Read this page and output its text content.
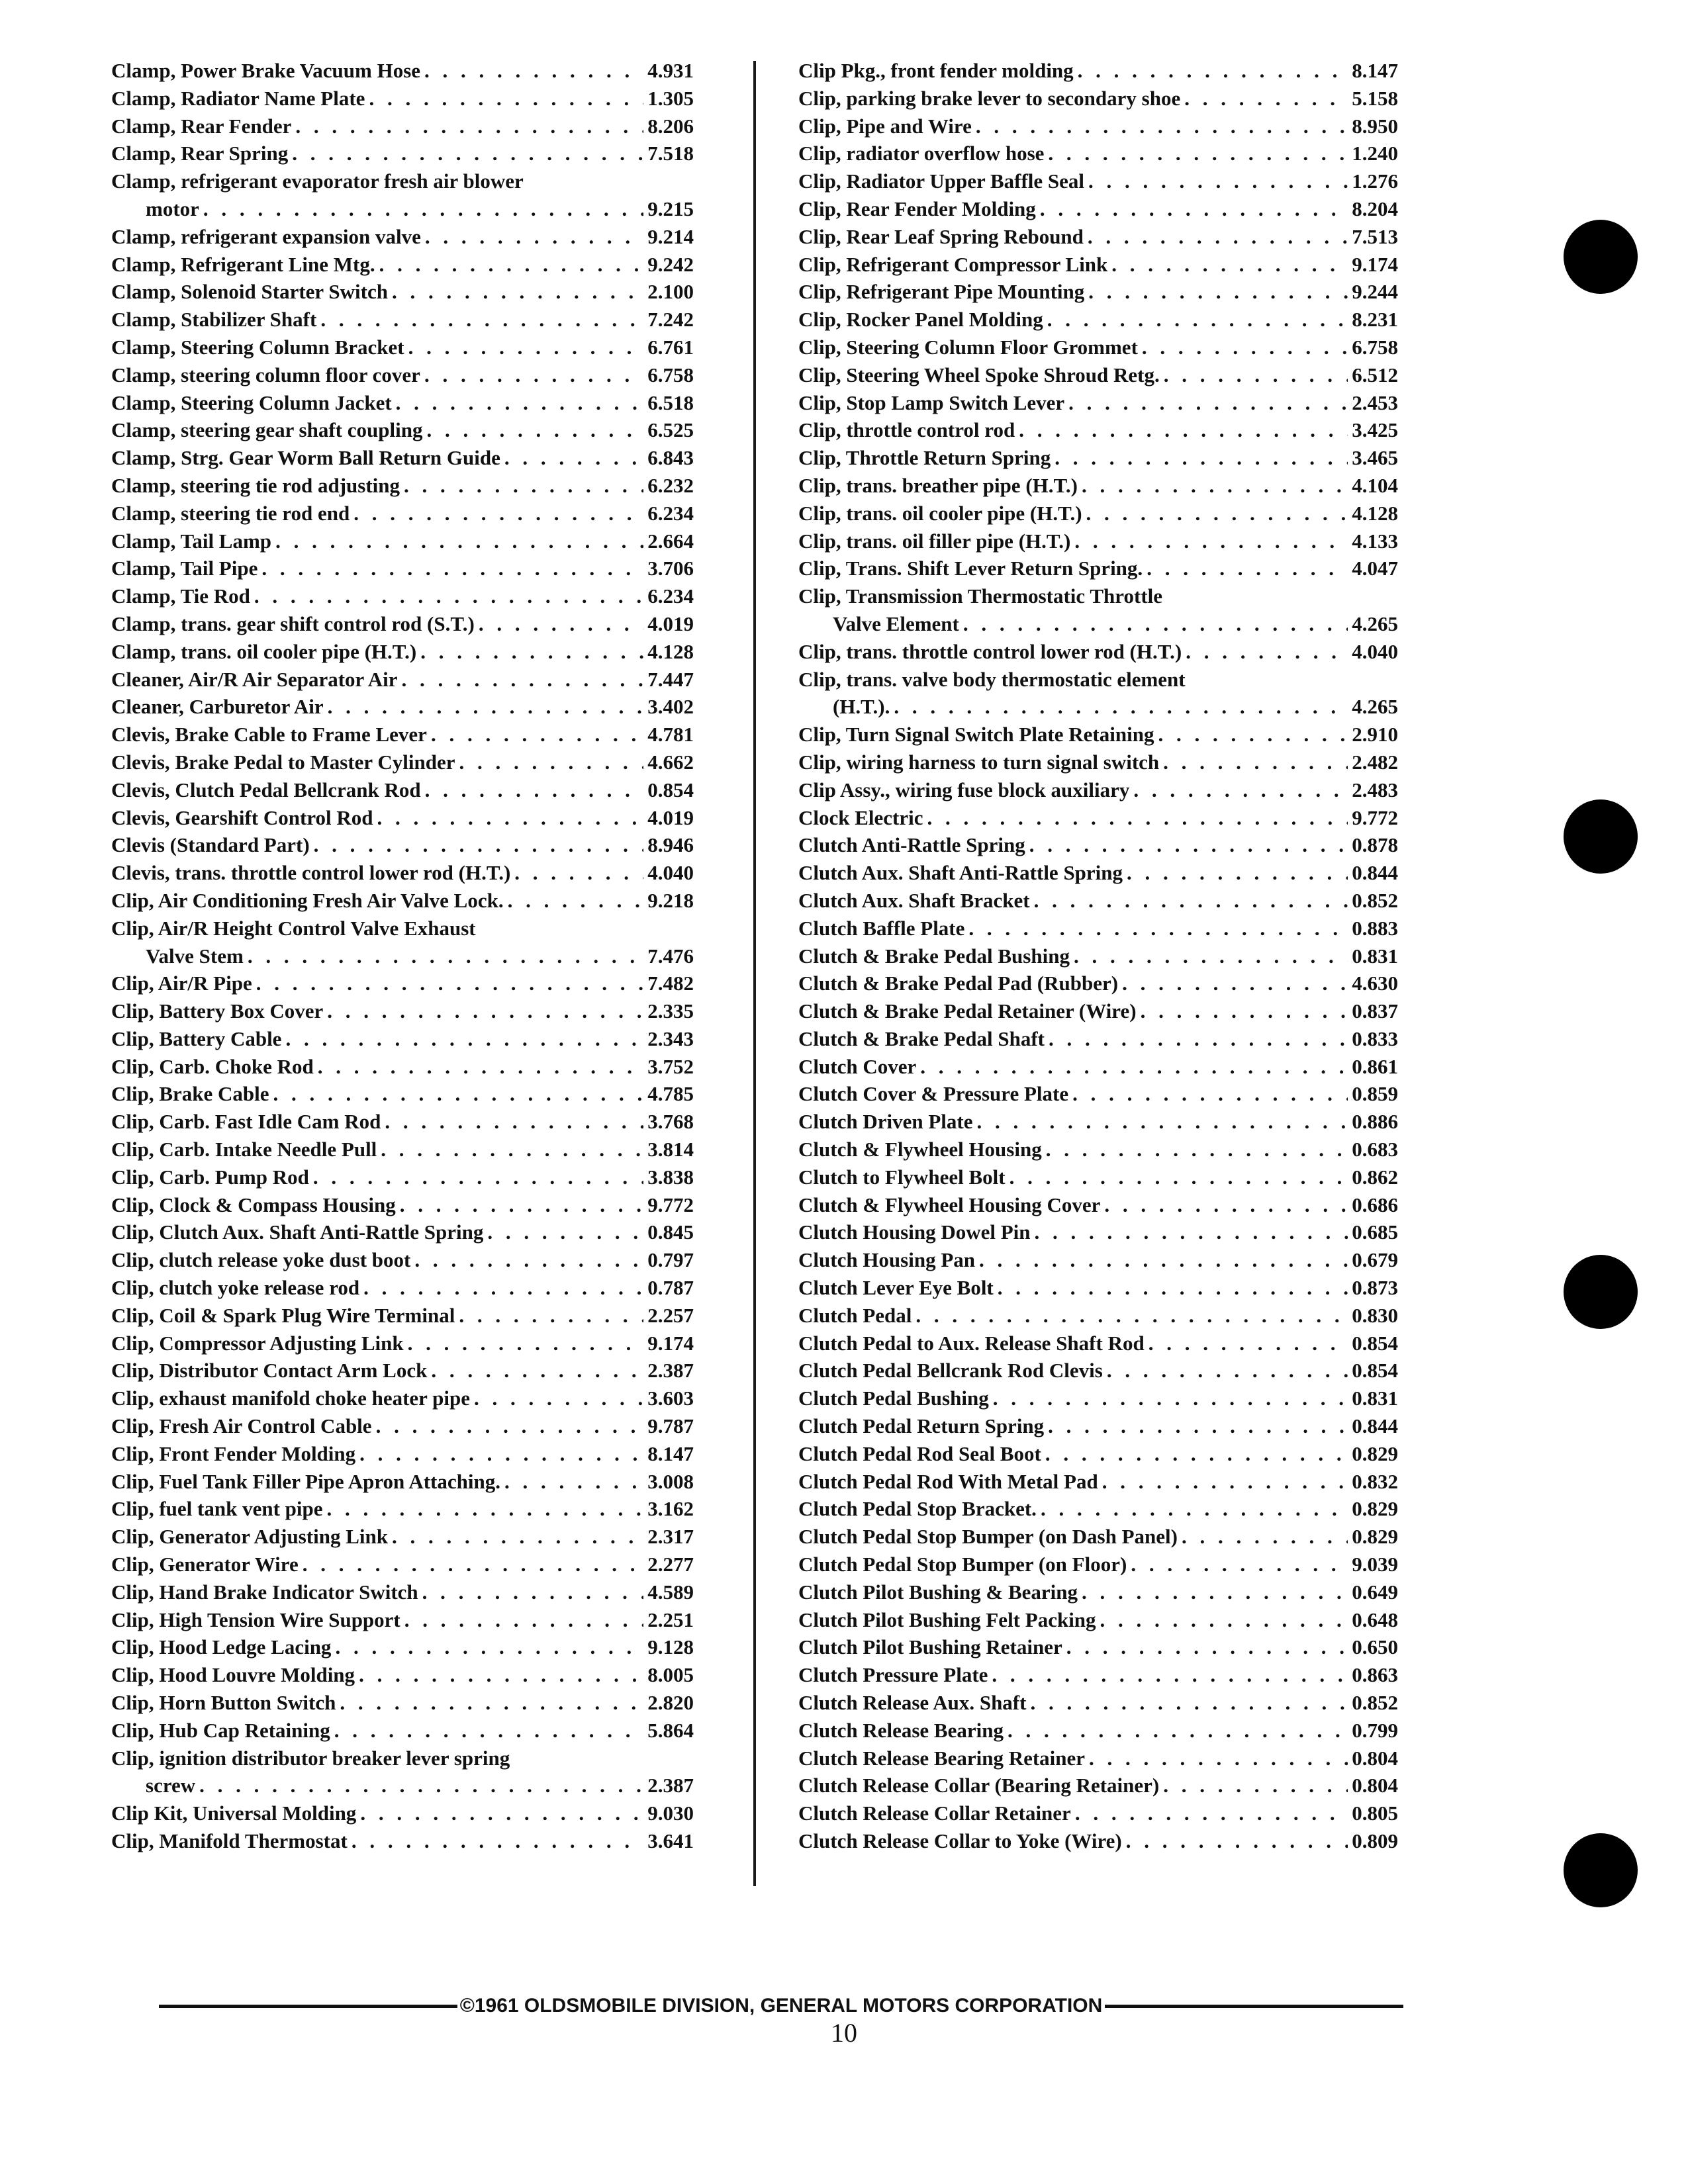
Clamp, Power Brake Vacuum Hose . . .	4.931
Clamp, Radiator Name Plate . . .	1.305
Clamp, Rear Fender . . .	8.206
Clamp, Rear Spring . . .	7.518
Clamp, refrigerant evaporator fresh air blower
motor . . .	9.215
Clamp, refrigerant expansion valve . . .	9.214
Clamp, Refrigerant Line Mtg. . . .	9.242
Clamp, Solenoid Starter Switch . . .	2.100
Clamp, Stabilizer Shaft . . .	7.242
Clamp, Steering Column Bracket . . .	6.761
Clamp, steering column floor cover . . .	6.758
Clamp, Steering Column Jacket . . .	6.518
Clamp, steering gear shaft coupling . . .	6.525
Clamp, Strg. Gear Worm Ball Return Guide . . .	6.843
Clamp, steering tie rod adjusting . . .	6.232
Clamp, steering tie rod end . . .	6.234
Clamp, Tail Lamp . . .	2.664
Clamp, Tail Pipe . . .	3.706
Clamp, Tie Rod . . .	6.234
Clamp, trans. gear shift control rod (S.T.) . . .	4.019
Clamp, trans. oil cooler pipe (H.T.) . . .	4.128
Cleaner, Air/R Air Separator Air . . .	7.447
Cleaner, Carburetor Air . . .	3.402
Clevis, Brake Cable to Frame Lever . . .	4.781
Clevis, Brake Pedal to Master Cylinder . . .	4.662
Clevis, Clutch Pedal Bellcrank Rod . . .	0.854
Clevis, Gearshift Control Rod . . .	4.019
Clevis (Standard Part) . . .	8.946
Clevis, trans. throttle control lower rod (H.T.) . . .	4.040
Clip, Air Conditioning Fresh Air Valve Lock. . . .	9.218
Clip, Air/R Height Control Valve Exhaust
Valve Stem . . .	7.476
Clip, Air/R Pipe . . .	7.482
Clip, Battery Box Cover . . .	2.335
Clip, Battery Cable . . .	2.343
Clip, Carb. Choke Rod . . .	3.752
Clip, Brake Cable . . .	4.785
Clip, Carb. Fast Idle Cam Rod . . .	3.768
Clip, Carb. Intake Needle Pull . . .	3.814
Clip, Carb. Pump Rod . . .	3.838
Clip, Clock & Compass Housing . . .	9.772
Clip, Clutch Aux. Shaft Anti-Rattle Spring . . .	0.845
Clip, clutch release yoke dust boot . . .	0.797
Clip, clutch yoke release rod . . .	0.787
Clip, Coil & Spark Plug Wire Terminal . . .	2.257
Clip, Compressor Adjusting Link . . .	9.174
Clip, Distributor Contact Arm Lock . . .	2.387
Clip, exhaust manifold choke heater pipe . . .	3.603
Clip, Fresh Air Control Cable . . .	9.787
Clip, Front Fender Molding . . .	8.147
Clip, Fuel Tank Filler Pipe Apron Attaching. . . .	3.008
Clip, fuel tank vent pipe . . .	3.162
Clip, Generator Adjusting Link . . .	2.317
Clip, Generator Wire . . .	2.277
Clip, Hand Brake Indicator Switch . . .	4.589
Clip, High Tension Wire Support . . .	2.251
Clip, Hood Ledge Lacing . . .	9.128
Clip, Hood Louvre Molding . . .	8.005
Clip, Horn Button Switch . . .	2.820
Clip, Hub Cap Retaining . . .	5.864
Clip, ignition distributor breaker lever spring
screw . . .	2.387
Clip Kit, Universal Molding . . .	9.030
Clip, Manifold Thermostat . . .	3.641
Clip Pkg., front fender molding . . .	8.147
Clip, parking brake lever to secondary shoe . . .	5.158
Clip, Pipe and Wire . . .	8.950
Clip, radiator overflow hose . . .	1.240
Clip, Radiator Upper Baffle Seal . . .	1.276
Clip, Rear Fender Molding . . .	8.204
Clip, Rear Leaf Spring Rebound . . .	7.513
Clip, Refrigerant Compressor Link . . .	9.174
Clip, Refrigerant Pipe Mounting . . .	9.244
Clip, Rocker Panel Molding . . .	8.231
Clip, Steering Column Floor Grommet . . .	6.758
Clip, Steering Wheel Spoke Shroud Retg. . . .	6.512
Clip, Stop Lamp Switch Lever . . .	2.453
Clip, throttle control rod . . .	3.425
Clip, Throttle Return Spring . . .	3.465
Clip, trans. breather pipe (H.T.) . . .	4.104
Clip, trans. oil cooler pipe (H.T.) . . .	4.128
Clip, trans. oil filler pipe (H.T.) . . .	4.133
Clip, Trans. Shift Lever Return Spring. . . .	4.047
Clip, Transmission Thermostatic Throttle
Valve Element . . .	4.265
Clip, trans. throttle control lower rod (H.T.) . . .	4.040
Clip, trans. valve body thermostatic element
(H.T.). . . .	4.265
Clip, Turn Signal Switch Plate Retaining . . .	2.910
Clip, wiring harness to turn signal switch . . .	2.482
Clip Assy., wiring fuse block auxiliary . . .	2.483
Clock Electric . . .	9.772
Clutch Anti-Rattle Spring . . .	0.878
Clutch Aux. Shaft Anti-Rattle Spring . . .	0.844
Clutch Aux. Shaft Bracket . . .	0.852
Clutch Baffle Plate . . .	0.883
Clutch & Brake Pedal Bushing . . .	0.831
Clutch & Brake Pedal Pad (Rubber) . . .	4.630
Clutch & Brake Pedal Retainer (Wire) . . .	0.837
Clutch & Brake Pedal Shaft . . .	0.833
Clutch Cover . . .	0.861
Clutch Cover & Pressure Plate . . .	0.859
Clutch Driven Plate . . .	0.886
Clutch & Flywheel Housing . . .	0.683
Clutch to Flywheel Bolt . . .	0.862
Clutch & Flywheel Housing Cover . . .	0.686
Clutch Housing Dowel Pin . . .	0.685
Clutch Housing Pan . . .	0.679
Clutch Lever Eye Bolt . . .	0.873
Clutch Pedal . . .	0.830
Clutch Pedal to Aux. Release Shaft Rod . . .	0.854
Clutch Pedal Bellcrank Rod Clevis . . .	0.854
Clutch Pedal Bushing . . .	0.831
Clutch Pedal Return Spring . . .	0.844
Clutch Pedal Rod Seal Boot . . .	0.829
Clutch Pedal Rod With Metal Pad . . .	0.832
Clutch Pedal Stop Bracket. . . .	0.829
Clutch Pedal Stop Bumper (on Dash Panel) . . .	0.829
Clutch Pedal Stop Bumper (on Floor) . . .	9.039
Clutch Pilot Bushing & Bearing . . .	0.649
Clutch Pilot Bushing Felt Packing . . .	0.648
Clutch Pilot Bushing Retainer . . .	0.650
Clutch Pressure Plate . . .	0.863
Clutch Release Aux. Shaft . . .	0.852
Clutch Release Bearing . . .	0.799
Clutch Release Bearing Retainer . . .	0.804
Clutch Release Collar (Bearing Retainer) . . .	0.804
Clutch Release Collar Retainer . . .	0.805
Clutch Release Collar to Yoke (Wire) . . .	0.809
©1961 OLDSMOBILE DIVISION, GENERAL MOTORS CORPORATION
10
